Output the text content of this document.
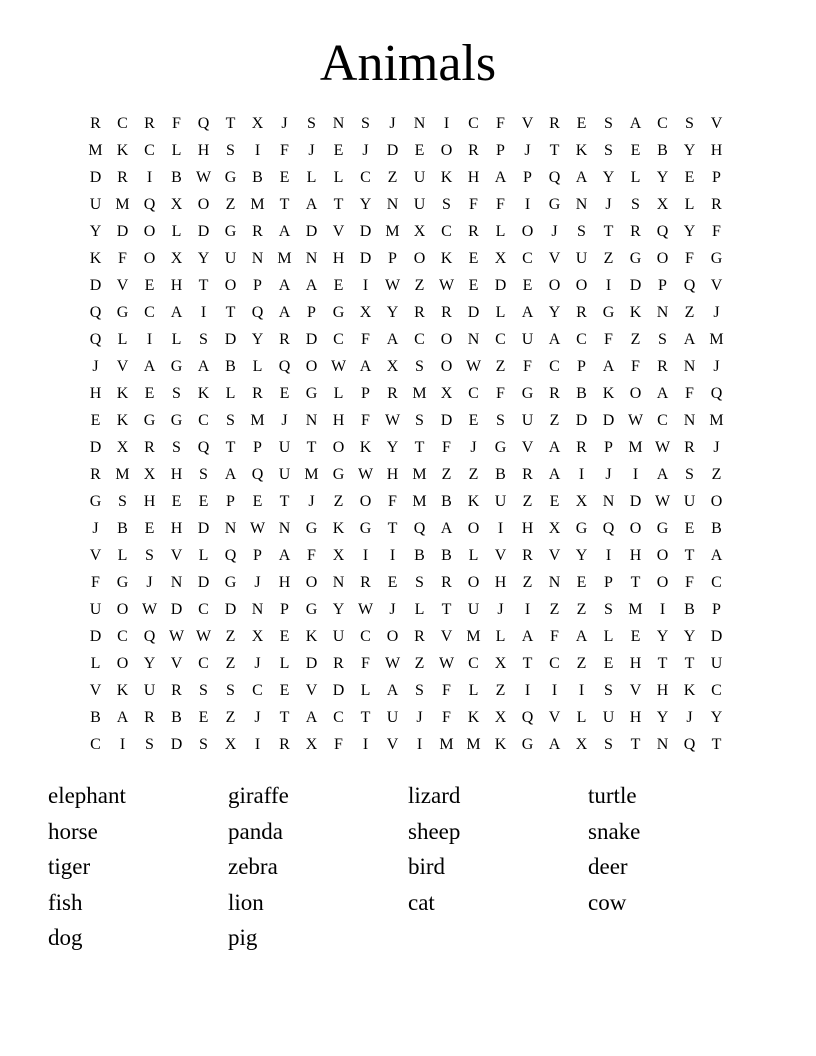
Animals
R	C	R	F	Q	T	X	J	S	N	S	J	N	I	C	F	V R	E	S	A C	S	V
M K C	L	H	S	I	F	J	E	J	D	E	O R	P	J	T	K	S	E	B Y H
D R	I	B W G B	E	L	L	C	Z	U K H A	P	Q A Y	L	Y	E	P
U M Q X O	Z M T	A	T	Y N U	S	F	F	I	G N	J	S	X	L	R
Y D O	L	D G R A D V D M X C	R	L	O	J	S	T	R Q Y	F
K	F	O X Y U N M N H D	P	O K	E	X C V U	Z	G O	F	G
D V	E	H	T	O	P	A A	E	I	W Z W E	D	E	O O	I	D	P	Q V
Q G C A	I	T	Q A	P	G X Y R	R D	L	A Y R G K N	Z	J
Q	L	I	L	S	D Y R D C	F	A C O N C U A C	F	Z	S	A M
J	V A G A B	L	Q O W A X	S	O W Z	F	C	P	A	F	R N	J
H K	E	S	K	L	R	E	G	L	P	R M X C	F	G R	B K O A	F	Q
E	K G G C	S M	J	N H	F W S	D	E	S	U	Z	D D W C N M
D X R	S	Q	T	P	U	T	O K Y	T	F	J	G V A R	P M W R	J
R M X H	S	A Q U M G W H M Z	Z	B	R A	I	J	I	A	S	Z
G	S	H	E	E	P	E	T	J	Z	O	F M B K U	Z	E	X N D W U O
J	B	E	H D N W N G K G	T	Q A O	I	H X G Q O G	E	B
V	L	S	V	L	Q	P	A	F	X	I	I	B	B	L	V R V Y	I	H O	T	A
F	G	J	N D G	J	H O N R	E	S	R O H	Z	N	E	P	T	O	F	C
U O W D C D N	P	G Y W	J	L	T	U	J	I	Z	Z	S M	I	B	P
D C Q W W Z	X	E	K U C O R V M L	A	F	A	L	E	Y Y D
L	O Y V C	Z	J	L	D R	F W Z W C X	T	C	Z	E	H	T	T	U
V K U R	S	S	C	E	V D	L	A	S	F	L	Z	I	I	I	S	V H K C
B A R	B	E	Z	J	T	A C	T	U	J	F	K X Q V	L	U H Y	J	Y
C	I	S	D	S	X	I	R X	F	I	V	I	M M K G A X	S	T	N Q	T
elephant	giraffe	lizard	turtle
horse	panda	sheep	snake
tiger	zebra	bird	deer
fish	lion	cat	cow
dog	pig
